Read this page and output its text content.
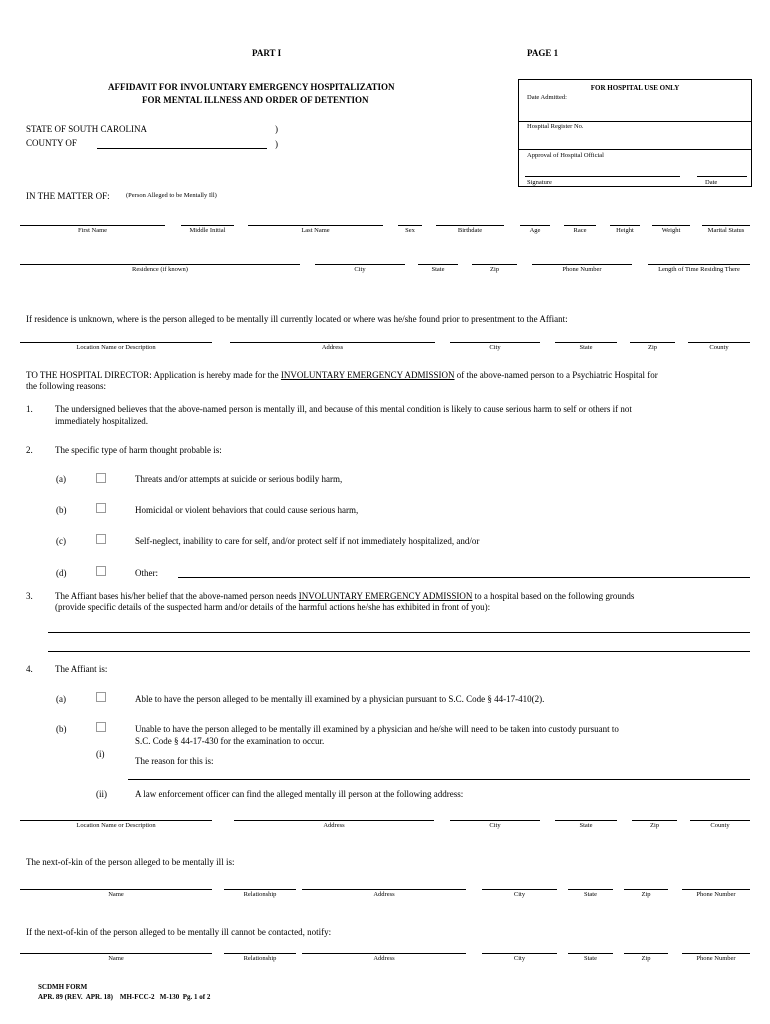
PART I	PAGE 1
AFFIDAVIT FOR INVOLUNTARY EMERGENCY HOSPITALIZATION
FOR MENTAL ILLNESS AND ORDER OF DETENTION
FOR HOSPITAL USE ONLY
Date Admitted:
Hospital Register No.
Approval of Hospital Official
Signature	Date
STATE OF SOUTH CAROLINA	)
COUNTY OF	)
IN THE MATTER OF:	(Person Alleged to be Mentally Ill)
First Name	Middle Initial	Last Name	Sex	Birthdate	Age	Race	Height	Weight	Marital Status
Residence (if known)	City	State	Zip	Phone Number	Length of Time Residing There
If residence is unknown, where is the person alleged to be mentally ill currently located or where was he/she found prior to presentment to the Affiant:
Location Name or Description	Address	City	State	Zip	County
TO THE HOSPITAL DIRECTOR: Application is hereby made for the INVOLUNTARY EMERGENCY ADMISSION of the above-named person to a Psychiatric Hospital for
the following reasons:
1. The undersigned believes that the above-named person is mentally ill, and because of this mental condition is likely to cause serious harm to self or others if not
immediately hospitalized.
2. The specific type of harm thought probable is:
(a)	Threats and/or attempts at suicide or serious bodily harm,
(b)	Homicidal or violent behaviors that could cause serious harm,
(c)	Self-neglect, inability to care for self, and/or protect self if not immediately hospitalized, and/or
(d)	Other:
3. The Affiant bases his/her belief that the above-named person needs INVOLUNTARY EMERGENCY ADMISSION to a hospital based on the following grounds
(provide specific details of the suspected harm and/or details of the harmful actions he/she has exhibited in front of you):
4. The Affiant is:
(a)	Able to have the person alleged to be mentally ill examined by a physician pursuant to S.C. Code § 44-17-410(2).
(b)	Unable to have the person alleged to be mentally ill examined by a physician and he/she will need to be taken into custody pursuant to
S.C. Code § 44-17-430 for the examination to occur.
(i)
The reason for this is:
(ii)	A law enforcement officer can find the alleged mentally ill person at the following address:
Location Name or Description	Address	City	State	Zip	County
The next-of-kin of the person alleged to be mentally ill is:
Name	Relationship	Address	City	State	Zip	Phone Number
If the next-of-kin of the person alleged to be mentally ill cannot be contacted, notify:
Name	Relationship	Address	City	State	Zip	Phone Number
SCDMH FORM
APR. 89 (REV.  APR. 18)    MH-FCC-2   M-130  Pg. 1 of 2
